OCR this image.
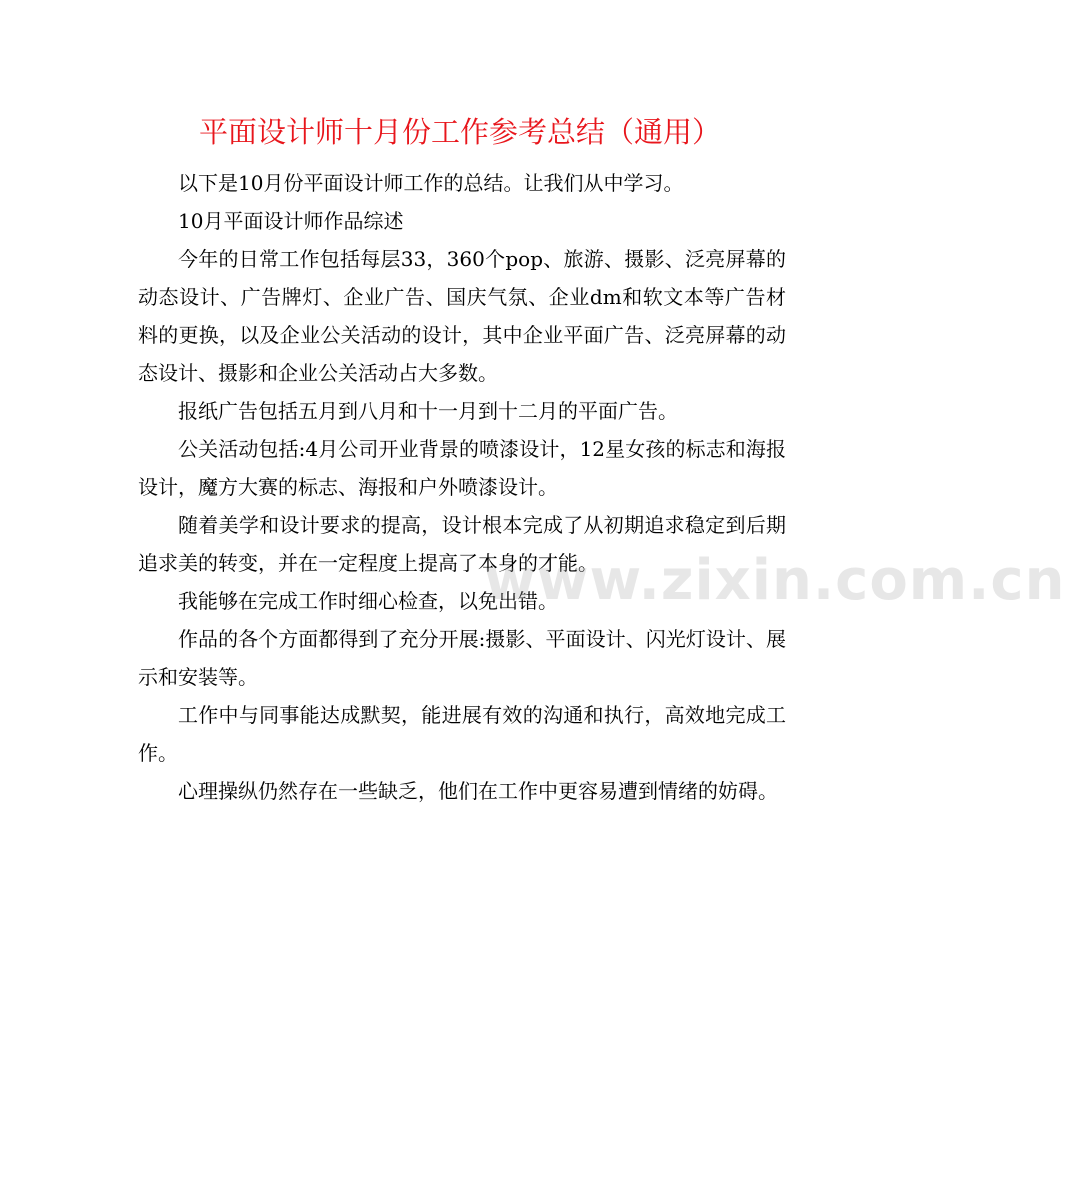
平面设计师十月份工作参考总结（通用）

以下是10月份平面设计师工作的总结。让我们从中学习。

10月平面设计师作品综述

今年的日常工作包括每层33，360个pop、旅游、摄影、泛亮屏幕的动态设计、广告牌灯、企业广告、国庆气氛、企业dm和软文本等广告材料的更换，以及企业公关活动的设计，其中企业平面广告、泛亮屏幕的动态设计、摄影和企业公关活动占大多数。

报纸广告包括五月到八月和十一月到十二月的平面广告。

公关活动包括:4月公司开业背景的喷漆设计，12星女孩的标志和海报设计，魔方大赛的标志、海报和户外喷漆设计。

随着美学和设计要求的提高，设计根本完成了从初期追求稳定到后期追求美的转变，并在一定程度上提高了本身的才能。

我能够在完成工作时细心检查，以免出错。

作品的各个方面都得到了充分开展:摄影、平面设计、闪光灯设计、展示和安装等。

工作中与同事能达成默契，能进展有效的沟通和执行，高效地完成工作。

心理操纵仍然存在一些缺乏，他们在工作中更容易遭到情绪的妨碍。

www.zixin.com.cn
